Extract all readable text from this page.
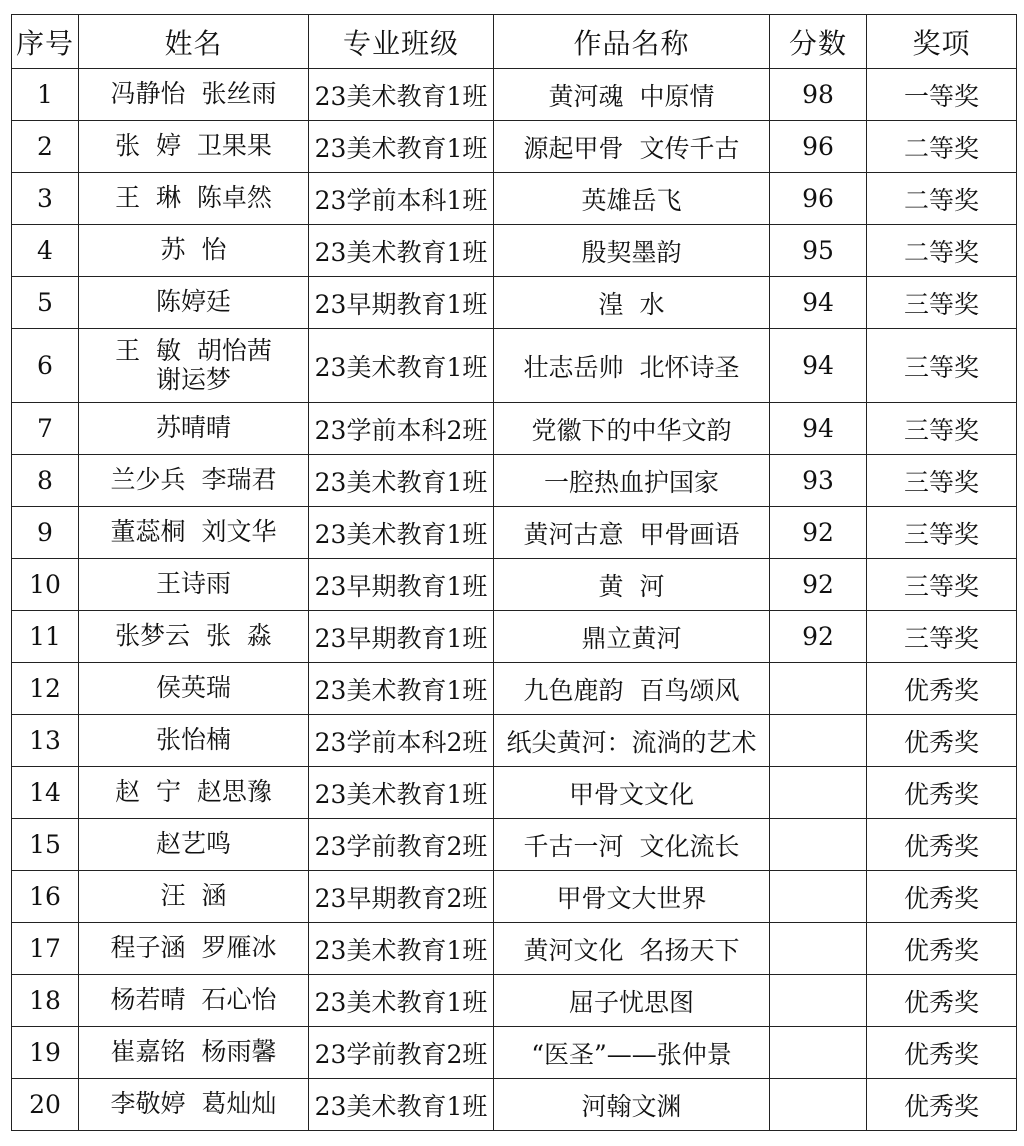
序号	姓名	专业班级	作品名称	分数	奖项
1	冯静怡  张丝雨	23美术教育1班	黄河魂  中原情	98	一等奖
2	张  婷  卫果果	23美术教育1班	源起甲骨  文传千古	96	二等奖
3	王  琳  陈卓然	23学前本科1班	英雄岳飞	96	二等奖
4	苏  怡	23美术教育1班	殷契墨韵	95	二等奖
5	陈婷廷	23早期教育1班	湟  水	94	三等奖
6	王  敏  胡怡茜
谢运梦	23美术教育1班	壮志岳帅  北怀诗圣	94	三等奖
7	苏晴晴	23学前本科2班	党徽下的中华文韵	94	三等奖
8	兰少兵  李瑞君	23美术教育1班	一腔热血护国家	93	三等奖
9	董蕊桐  刘文华	23美术教育1班	黄河古意  甲骨画语	92	三等奖
10	王诗雨	23早期教育1班	黄  河	92	三等奖
11	张梦云  张  淼	23早期教育1班	鼎立黄河	92	三等奖
12	侯英瑞	23美术教育1班	九色鹿韵  百鸟颂风		优秀奖
13	张怡楠	23学前本科2班	纸尖黄河：流淌的艺术		优秀奖
14	赵  宁  赵思豫	23美术教育1班	甲骨文文化		优秀奖
15	赵艺鸣	23学前教育2班	千古一河  文化流长		优秀奖
16	汪  涵	23早期教育2班	甲骨文大世界		优秀奖
17	程子涵  罗雁冰	23美术教育1班	黄河文化  名扬天下		优秀奖
18	杨若晴  石心怡	23美术教育1班	屈子忧思图		优秀奖
19	崔嘉铭  杨雨馨	23学前教育2班	“医圣”——张仲景		优秀奖
20	李敬婷  葛灿灿	23美术教育1班	河翰文渊		优秀奖
